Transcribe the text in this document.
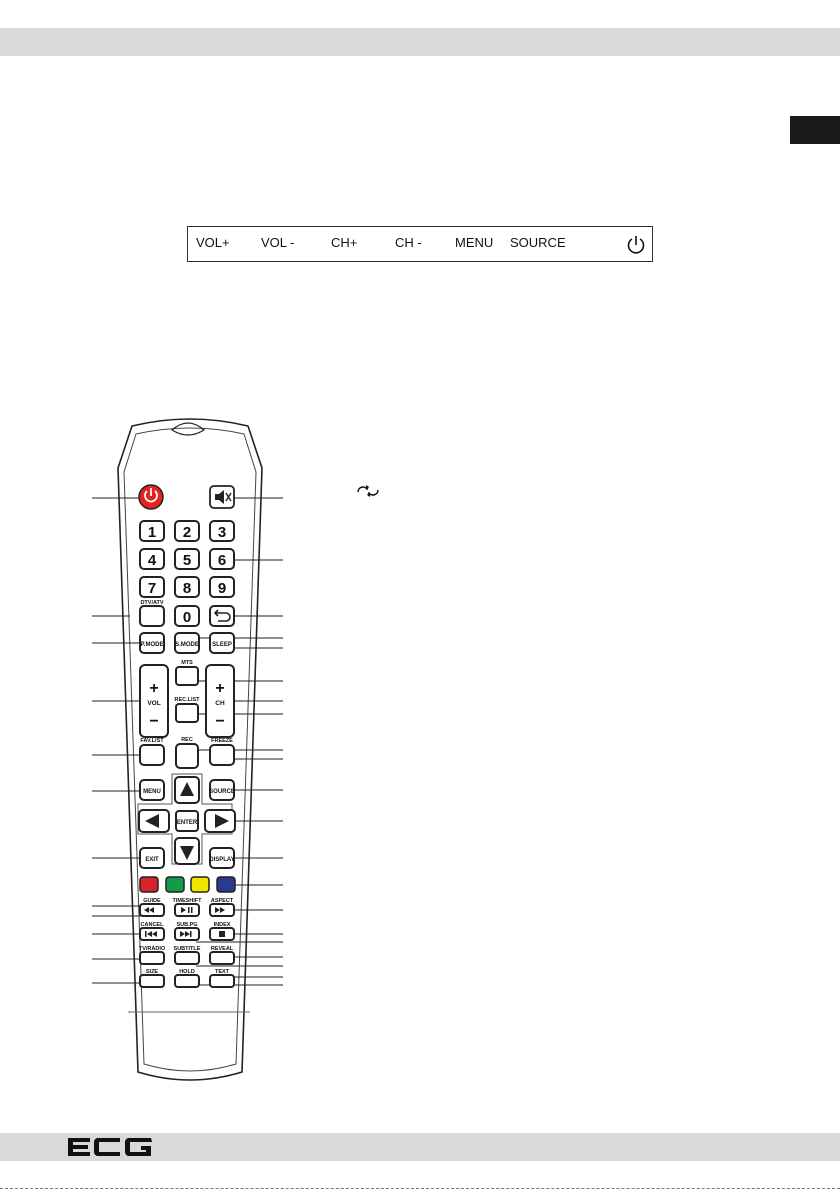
VOL+ VOL -	CH+	CH -	MENU SOURCE
1 2 3
4 5 6
7 8 9
0
DTV/ATV
P.MODE S.MODE SLEEP
+
−
+
−
VOL	CH
MTS
REC.LIST
FAV.LIST	REC	FREEZE
MENU	SOURCE
ENTER
EXIT	DISPLAY
GUIDE TIMESHIFT ASPECT
CANCEL SUB.PG	INDEX
TV/RADIO SUBTITLE REVEAL
SIZE	HOLD	TEXT
